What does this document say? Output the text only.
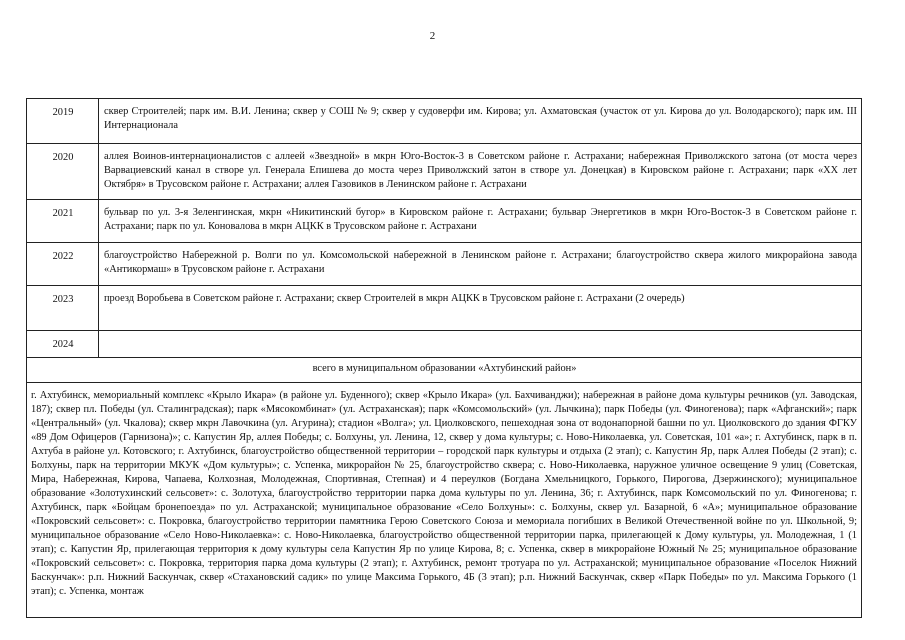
2
2019	сквер Строителей; парк им. В.И. Ленина; сквер у СОШ № 9; сквер у судоверфи им. Кирова; ул. Ахматовская (участок от ул. Кирова до ул. Володарского); парк им. III Интернационала
2020	аллея Воинов-интернационалистов с аллеей «Звездной» в мкрн Юго-Восток-3 в Советском районе г. Астрахани; набережная Приволжского затона (от моста через Варвациевский канал в створе ул. Генерала Епишева до моста через Приволжский затон в створе ул. Донецкая) в Кировском районе г. Астрахани; парк «XX лет Октября» в Трусовском районе г. Астрахани; аллея Газовиков в Ленинском районе г. Астрахани
2021	бульвар по ул. 3-я Зеленгинская, мкрн «Никитинский бугор» в Кировском районе г. Астрахани; бульвар Энергетиков в мкрн Юго-Восток-3 в Советском районе г. Астрахани; парк по ул. Коновалова в мкрн АЦКК в Трусовском районе г. Астрахани
2022	благоустройство Набережной р. Волги по ул. Комсомольской набережной в Ленинском районе г. Астрахани; благоустройство сквера жилого микрорайона завода «Антикормаш» в Трусовском районе г. Астрахани
2023	проезд Воробьева в Советском районе г. Астрахани; сквер Строителей в мкрн АЦКК в Трусовском районе г. Астрахани (2 очередь)
2024	
всего в муниципальном образовании «Ахтубинский район»	

г. Ахтубинск, мемориальный комплекс «Крыло Икара» (в районе ул. Буденного); сквер «Крыло Икара» (ул. Бахчиванджи); набережная в районе дома культуры речников (ул. Заводская, 187); сквер пл. Победы (ул. Сталинградская); парк «Мясокомбинат» (ул. Астраханская); парк «Комсомольский» (ул. Лычкина); парк Победы (ул. Финогенова); парк «Афганский»; парк «Центральный» (ул. Чкалова); сквер мкрн Лавочкина (ул. Агурина); стадион «Волга»; ул. Циолковского, пешеходная зона от водонапорной башни по ул. Циолковского до здания ФГКУ «89 Дом Офицеров (Гарнизона)»; с. Капустин Яр, аллея Победы; с. Болхуны, ул. Ленина, 12, сквер у дома культуры; с. Ново-Николаевка, ул. Советская, 101 «а»; г. Ахтубинск, парк в п. Ахтуба в районе ул. Котовского; г. Ахтубинск, благоустройство общественной территории – городской парк культуры и отдыха (2 этап); с. Капустин Яр, парк Аллея Победы (2 этап); с. Болхуны, парк на территории МКУК «Дом культуры»; с. Успенка, микрорайон № 25, благоустройство сквера; с. Ново-Николаевка, наружное уличное освещение 9 улиц (Советская, Мира, Набережная, Кирова, Чапаева, Колхозная, Молодежная, Спортивная, Степная) и 4 переулков (Богдана Хмельницкого, Горького, Пирогова, Дзержинского); муниципальное образование «Золотухинский сельсовет»: с. Золотуха, благоустройство территории парка дома культуры по ул. Ленина, 36; г. Ахтубинск, парк Комсомольский по ул. Финогенова; г. Ахтубинск, парк «Бойцам бронепоезда» по ул. Астраханской; муниципальное образование «Село Болхуны»: с. Болхуны, сквер ул. Базарной, 6 «А»; муниципальное образование «Покровский сельсовет»: с. Покровка, благоустройство территории памятника Герою Советского Союза и мемориала погибших в Великой Отечественной войне по ул. Школьной, 9; муниципальное образование «Село Ново-Николаевка»: с. Ново-Николаевка, благоустройство общественной территории парка, прилегающей к Дому культуры, ул. Молодежная, 1 (1 этап); с. Капустин Яр, прилегающая территория к дому культуры села Капустин Яр по улице Кирова, 8; с. Успенка, сквер в микрорайоне Южный № 25; муниципальное образование «Покровский сельсовет»: с. Покровка, территория парка дома культуры (2 этап); г. Ахтубинск, ремонт тротуара по ул. Астраханской; муниципальное образование «Поселок Нижний Баскунчак»: р.п. Нижний Баскунчак, сквер «Стахановский садик» по улице Максима Горького, 4Б (3 этап); р.п. Нижний Баскунчак, сквер «Парк Победы» по ул. Максима Горького (1 этап); с. Успенка, монтаж	
